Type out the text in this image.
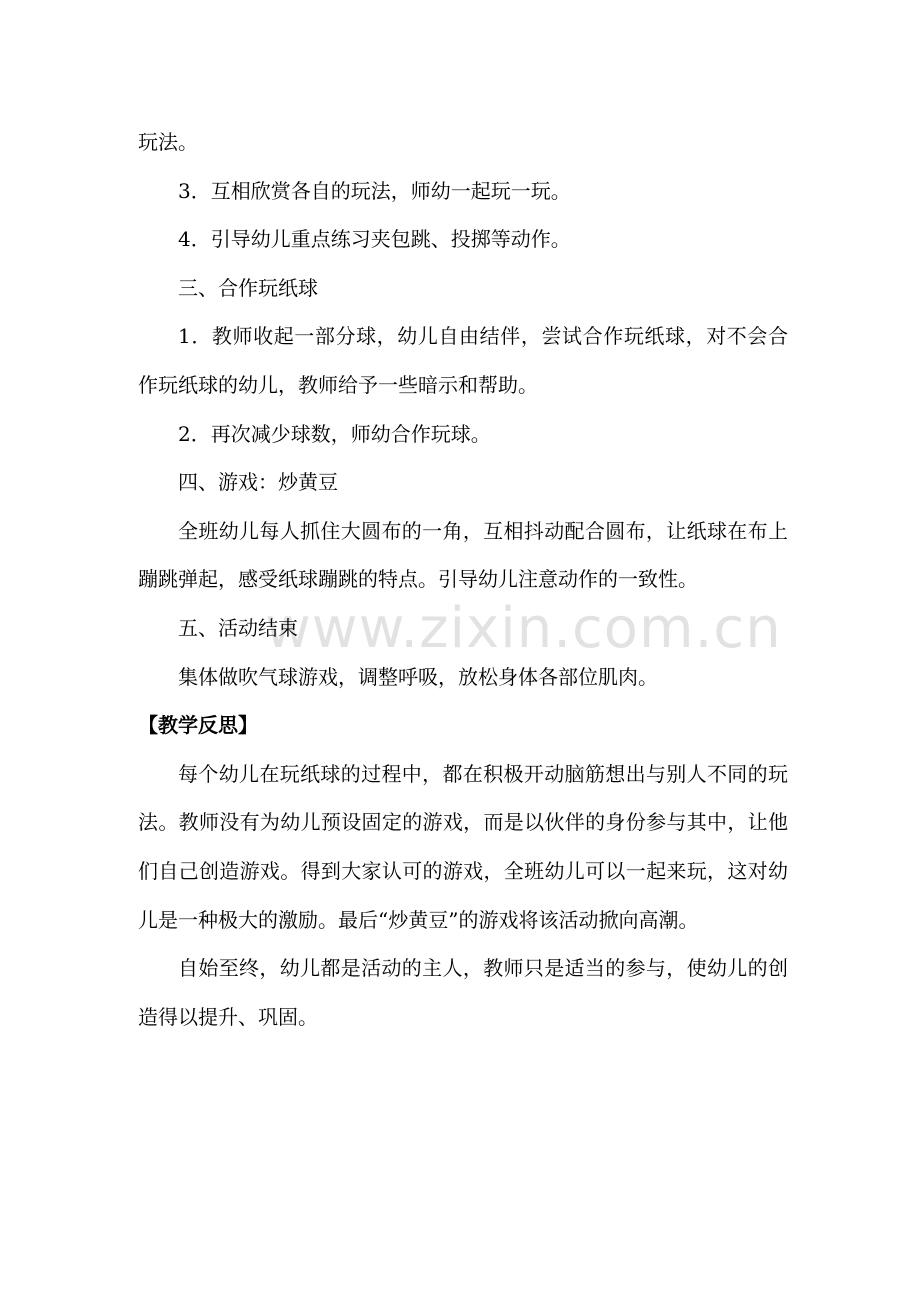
玩法。

3．互相欣赏各自的玩法，师幼一起玩一玩。

4．引导幼儿重点练习夹包跳、投掷等动作。

三、合作玩纸球

1．教师收起一部分球，幼儿自由结伴，尝试合作玩纸球，对不会合作玩纸球的幼儿，教师给予一些暗示和帮助。

2．再次减少球数，师幼合作玩球。

四、游戏：炒黄豆

全班幼儿每人抓住大圆布的一角，互相抖动配合圆布，让纸球在布上蹦跳弹起，感受纸球蹦跳的特点。引导幼儿注意动作的一致性。

五、活动结束

集体做吹气球游戏，调整呼吸，放松身体各部位肌肉。

【教学反思】

每个幼儿在玩纸球的过程中，都在积极开动脑筋想出与别人不同的玩法。教师没有为幼儿预设固定的游戏，而是以伙伴的身份参与其中，让他们自己创造游戏。得到大家认可的游戏，全班幼儿可以一起来玩，这对幼儿是一种极大的激励。最后“炒黄豆”的游戏将该活动掀向高潮。

自始至终，幼儿都是活动的主人，教师只是适当的参与，使幼儿的创造得以提升、巩固。

www.zixin.com.cn
